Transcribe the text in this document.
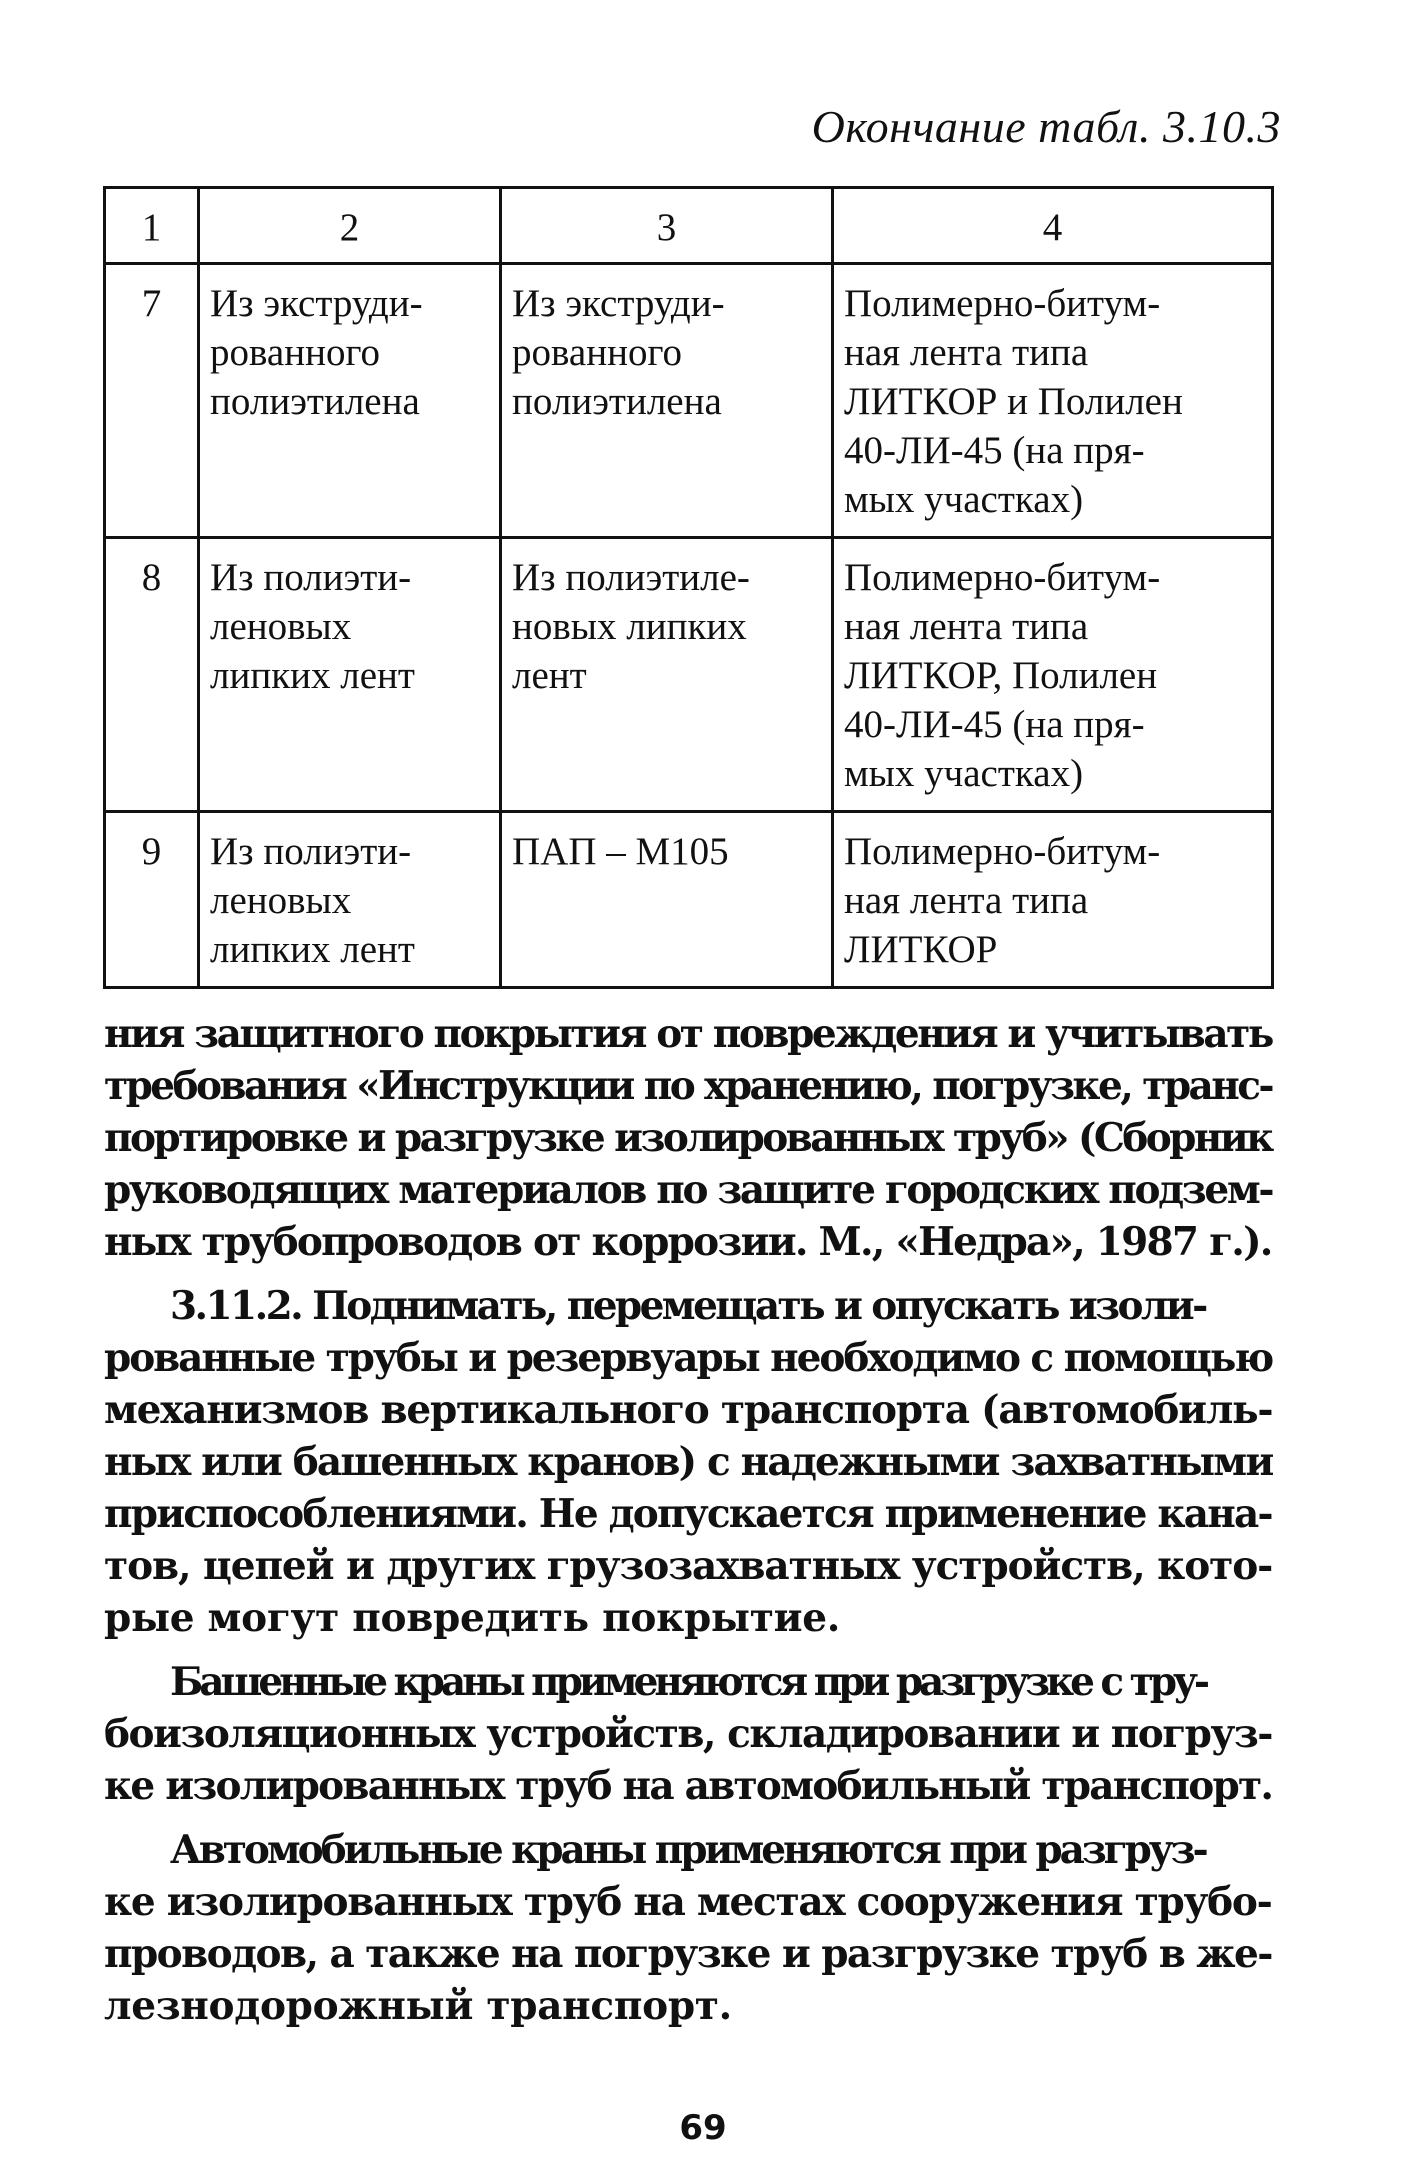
Окончание табл. 3.10.3
1	2	3	4
7	Из экструди-
рованного
полиэтилена	Из экструди-
рованного
полиэтилена	Полимерно-битум-
ная лента типа
ЛИТКОР и Полилен
40-ЛИ-45 (на пря-
мых участках)

8	Из полиэти-
леновых
липких лент	Из полиэтиле-
новых липких
лент	Полимерно-битум-
ная лента типа
ЛИТКОР, Полилен
40-ЛИ-45 (на пря-
мых участках)

9	Из полиэти-
леновых
липких лент	ПАП – М105	Полимерно-битум-
ная лента типа
ЛИТКОР
ния защитного покрытия от повреждения и учитывать
требования «Инструкции по хранению, погрузке, транс-
портировке и разгрузке изолированных труб» (Сборник
руководящих материалов по защите городских подзем-
ных трубопроводов от коррозии. М., «Недра», 1987 г.).
3.11.2. Поднимать, перемещать и опускать изоли-
рованные трубы и резервуары необходимо с помощью
механизмов вертикального транспорта (автомобиль-
ных или башенных кранов) с надежными захватными
приспособлениями. Не допускается применение кана-
тов, цепей и других грузозахватных устройств, кото-
рые могут повредить покрытие.
Башенные краны применяются при разгрузке с тру-
боизоляционных устройств, складировании и погруз-
ке изолированных труб на автомобильный транспорт.
Автомобильные краны применяются при разгруз-
ке изолированных труб на местах сооружения трубо-
проводов, а также на погрузке и разгрузке труб в же-
лезнодорожный транспорт.
69
